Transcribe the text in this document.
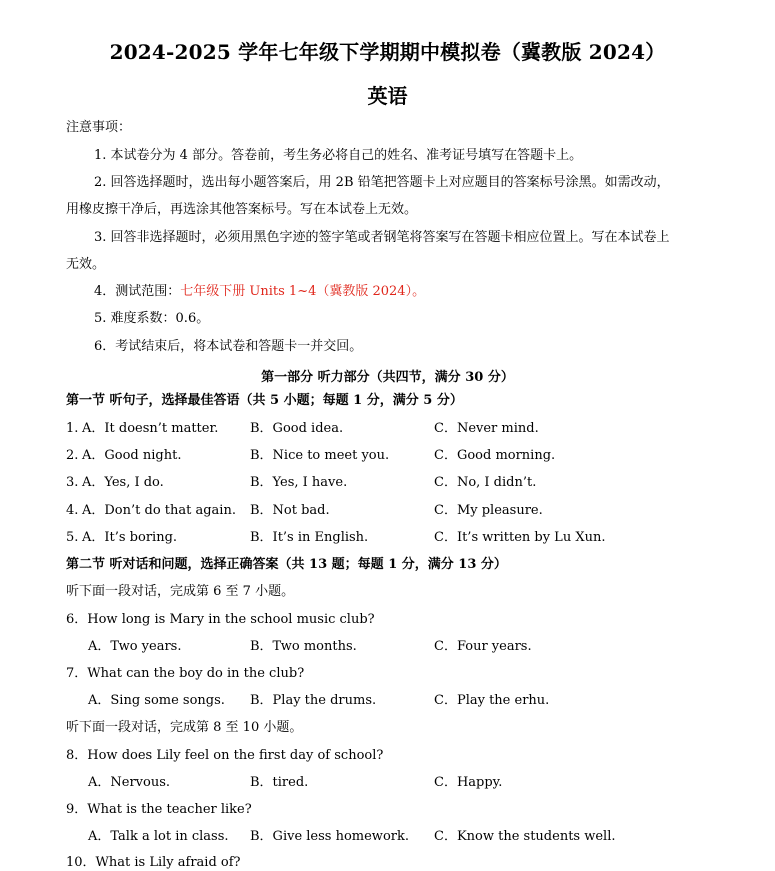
2024-2025 学年七年级下学期期中模拟卷（冀教版 2024）
英语
注意事项：
1. 本试卷分为 4 部分。答卷前，考生务必将自己的姓名、准考证号填写在答题卡上。
2. 回答选择题时，选出每小题答案后，用 2B 铅笔把答题卡上对应题目的答案标号涂黑。如需改动，
用橡皮擦干净后，再选涂其他答案标号。写在本试卷上无效。
3. 回答非选择题时，必须用黑色字迹的签字笔或者钢笔将答案写在答题卡相应位置上。写在本试卷上
无效。
4．测试范围：七年级下册 Units 1~4（冀教版 2024）。
5. 难度系数：0.6。
6．考试结束后，将本试卷和答题卡一并交回。
第一部分 听力部分（共四节，满分 30 分）
第一节 听句子，选择最佳答语（共 5 小题；每题 1 分，满分 5 分）
1. A．It doesn’t matter. B．Good idea.	C．Never mind.
2. A．Good night.	B．Nice to meet you.	C．Good morning.
3. A．Yes, I do.	B．Yes, I have.	C．No, I didn’t.
4. A．Don’t do that again. B．Not bad.	C．My pleasure.
5. A．It’s boring.	B．It’s in English.	C．It’s written by Lu Xun.
第二节 听对话和问题，选择正确答案（共 13 题；每题 1 分，满分 13 分）
听下面一段对话，完成第 6 至 7 小题。
6．How long is Mary in the school music club?
A．Two years.	B．Two months.	C．Four years.
7．What can the boy do in the club?
A．Sing some songs. B．Play the drums.	C．Play the erhu.
听下面一段对话，完成第 8 至 10 小题。
8．How does Lily feel on the first day of school?
A．Nervous.	B．tired.	C．Happy.
9．What is the teacher like?
A．Talk a lot in class. B．Give less homework. C．Know the students well.
10．What is Lily afraid of?
